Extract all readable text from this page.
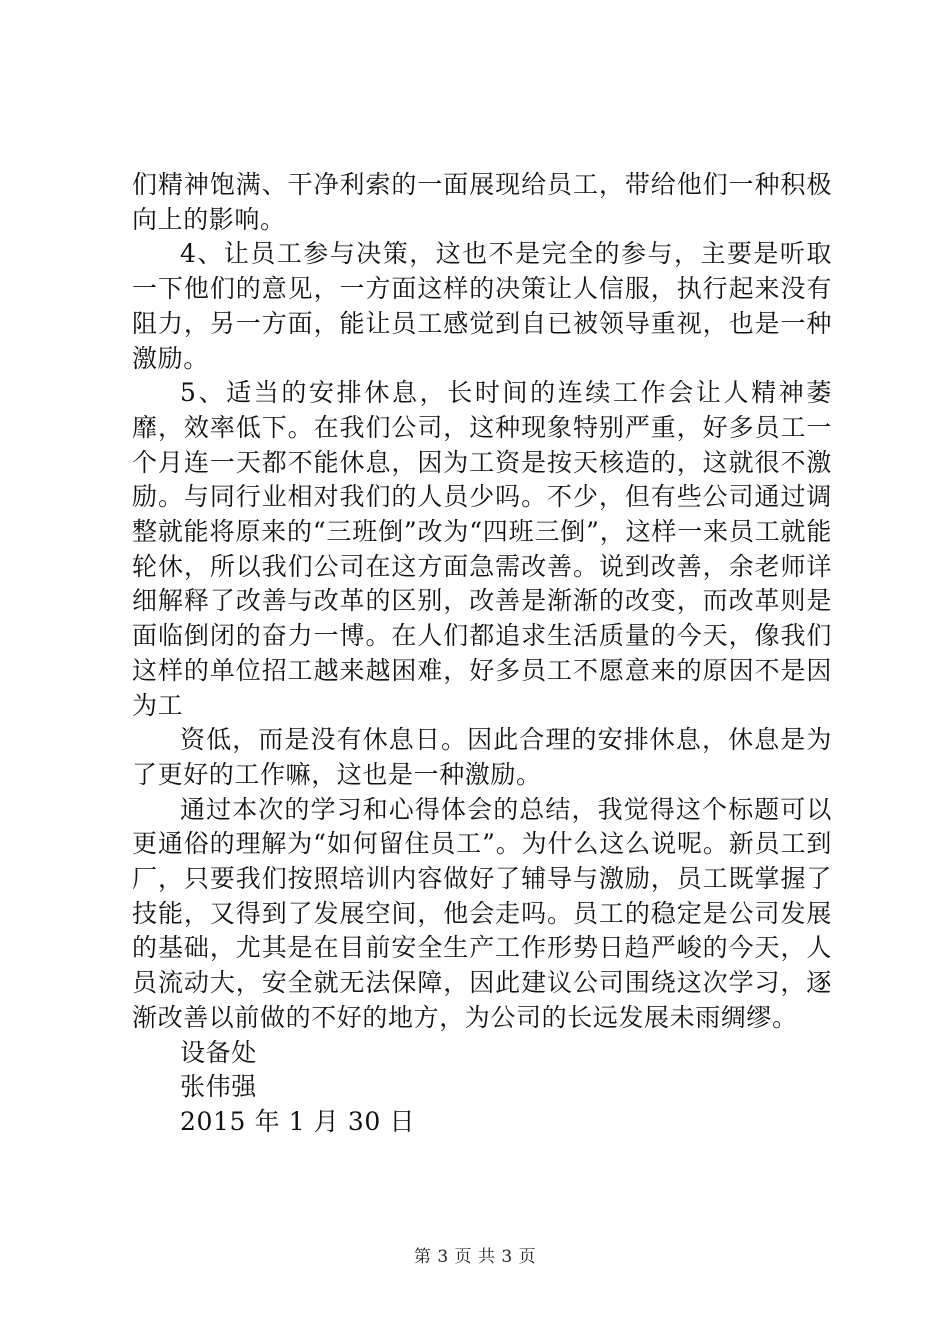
们精神饱满、干净利索的一面展现给员工，带给他们一种积极向上的影响。

4、让员工参与决策，这也不是完全的参与，主要是听取一下他们的意见，一方面这样的决策让人信服，执行起来没有阻力，另一方面，能让员工感觉到自已被领导重视，也是一种激励。

5、适当的安排休息，长时间的连续工作会让人精神萎靡，效率低下。在我们公司，这种现象特别严重，好多员工一个月连一天都不能休息，因为工资是按天核造的，这就很不激励。与同行业相对我们的人员少吗。不少，但有些公司通过调整就能将原来的“三班倒”改为“四班三倒”，这样一来员工就能轮休，所以我们公司在这方面急需改善。说到改善，余老师详细解释了改善与改革的区别，改善是渐渐的改变，而改革则是面临倒闭的奋力一博。在人们都追求生活质量的今天，像我们这样的单位招工越来越困难，好多员工不愿意来的原因不是因为工

资低，而是没有休息日。因此合理的安排休息，休息是为了更好的工作嘛，这也是一种激励。

通过本次的学习和心得体会的总结，我觉得这个标题可以更通俗的理解为“如何留住员工”。为什么这么说呢。新员工到厂，只要我们按照培训内容做好了辅导与激励，员工既掌握了技能，又得到了发展空间，他会走吗。员工的稳定是公司发展的基础，尤其是在目前安全生产工作形势日趋严峻的今天，人员流动大，安全就无法保障，因此建议公司围绕这次学习，逐渐改善以前做的不好的地方，为公司的长远发展未雨绸缪。

设备处
张伟强
2015 年 1 月 30 日
第 3 页 共 3 页
